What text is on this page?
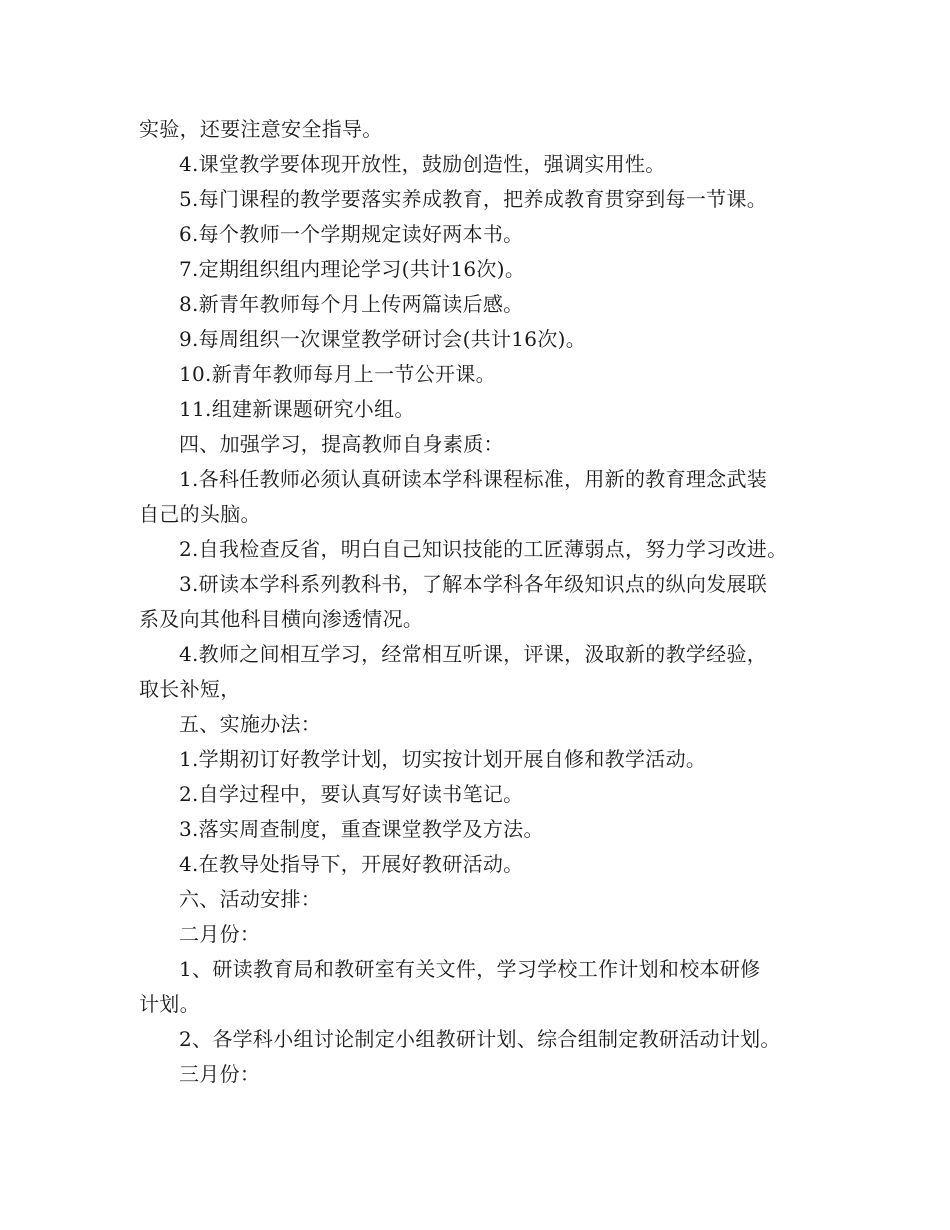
实验，还要注意安全指导。
4.课堂教学要体现开放性，鼓励创造性，强调实用性。
5.每门课程的教学要落实养成教育，把养成教育贯穿到每一节课。
6.每个教师一个学期规定读好两本书。
7.定期组织组内理论学习(共计16次)。
8.新青年教师每个月上传两篇读后感。
9.每周组织一次课堂教学研讨会(共计16次)。
10.新青年教师每月上一节公开课。
11.组建新课题研究小组。
四、加强学习，提高教师自身素质：
1.各科任教师必须认真研读本学科课程标准，用新的教育理念武装
自己的头脑。
2.自我检查反省，明白自己知识技能的工匠薄弱点，努力学习改进。
3.研读本学科系列教科书，了解本学科各年级知识点的纵向发展联
系及向其他科目横向渗透情况。
4.教师之间相互学习，经常相互听课，评课，汲取新的教学经验，
取长补短，
五、实施办法：
1.学期初订好教学计划，切实按计划开展自修和教学活动。
2.自学过程中，要认真写好读书笔记。
3.落实周查制度，重查课堂教学及方法。
4.在教导处指导下，开展好教研活动。
六、活动安排：
二月份：
1、研读教育局和教研室有关文件，学习学校工作计划和校本研修
计划。
2、各学科小组讨论制定小组教研计划、综合组制定教研活动计划。
三月份：
